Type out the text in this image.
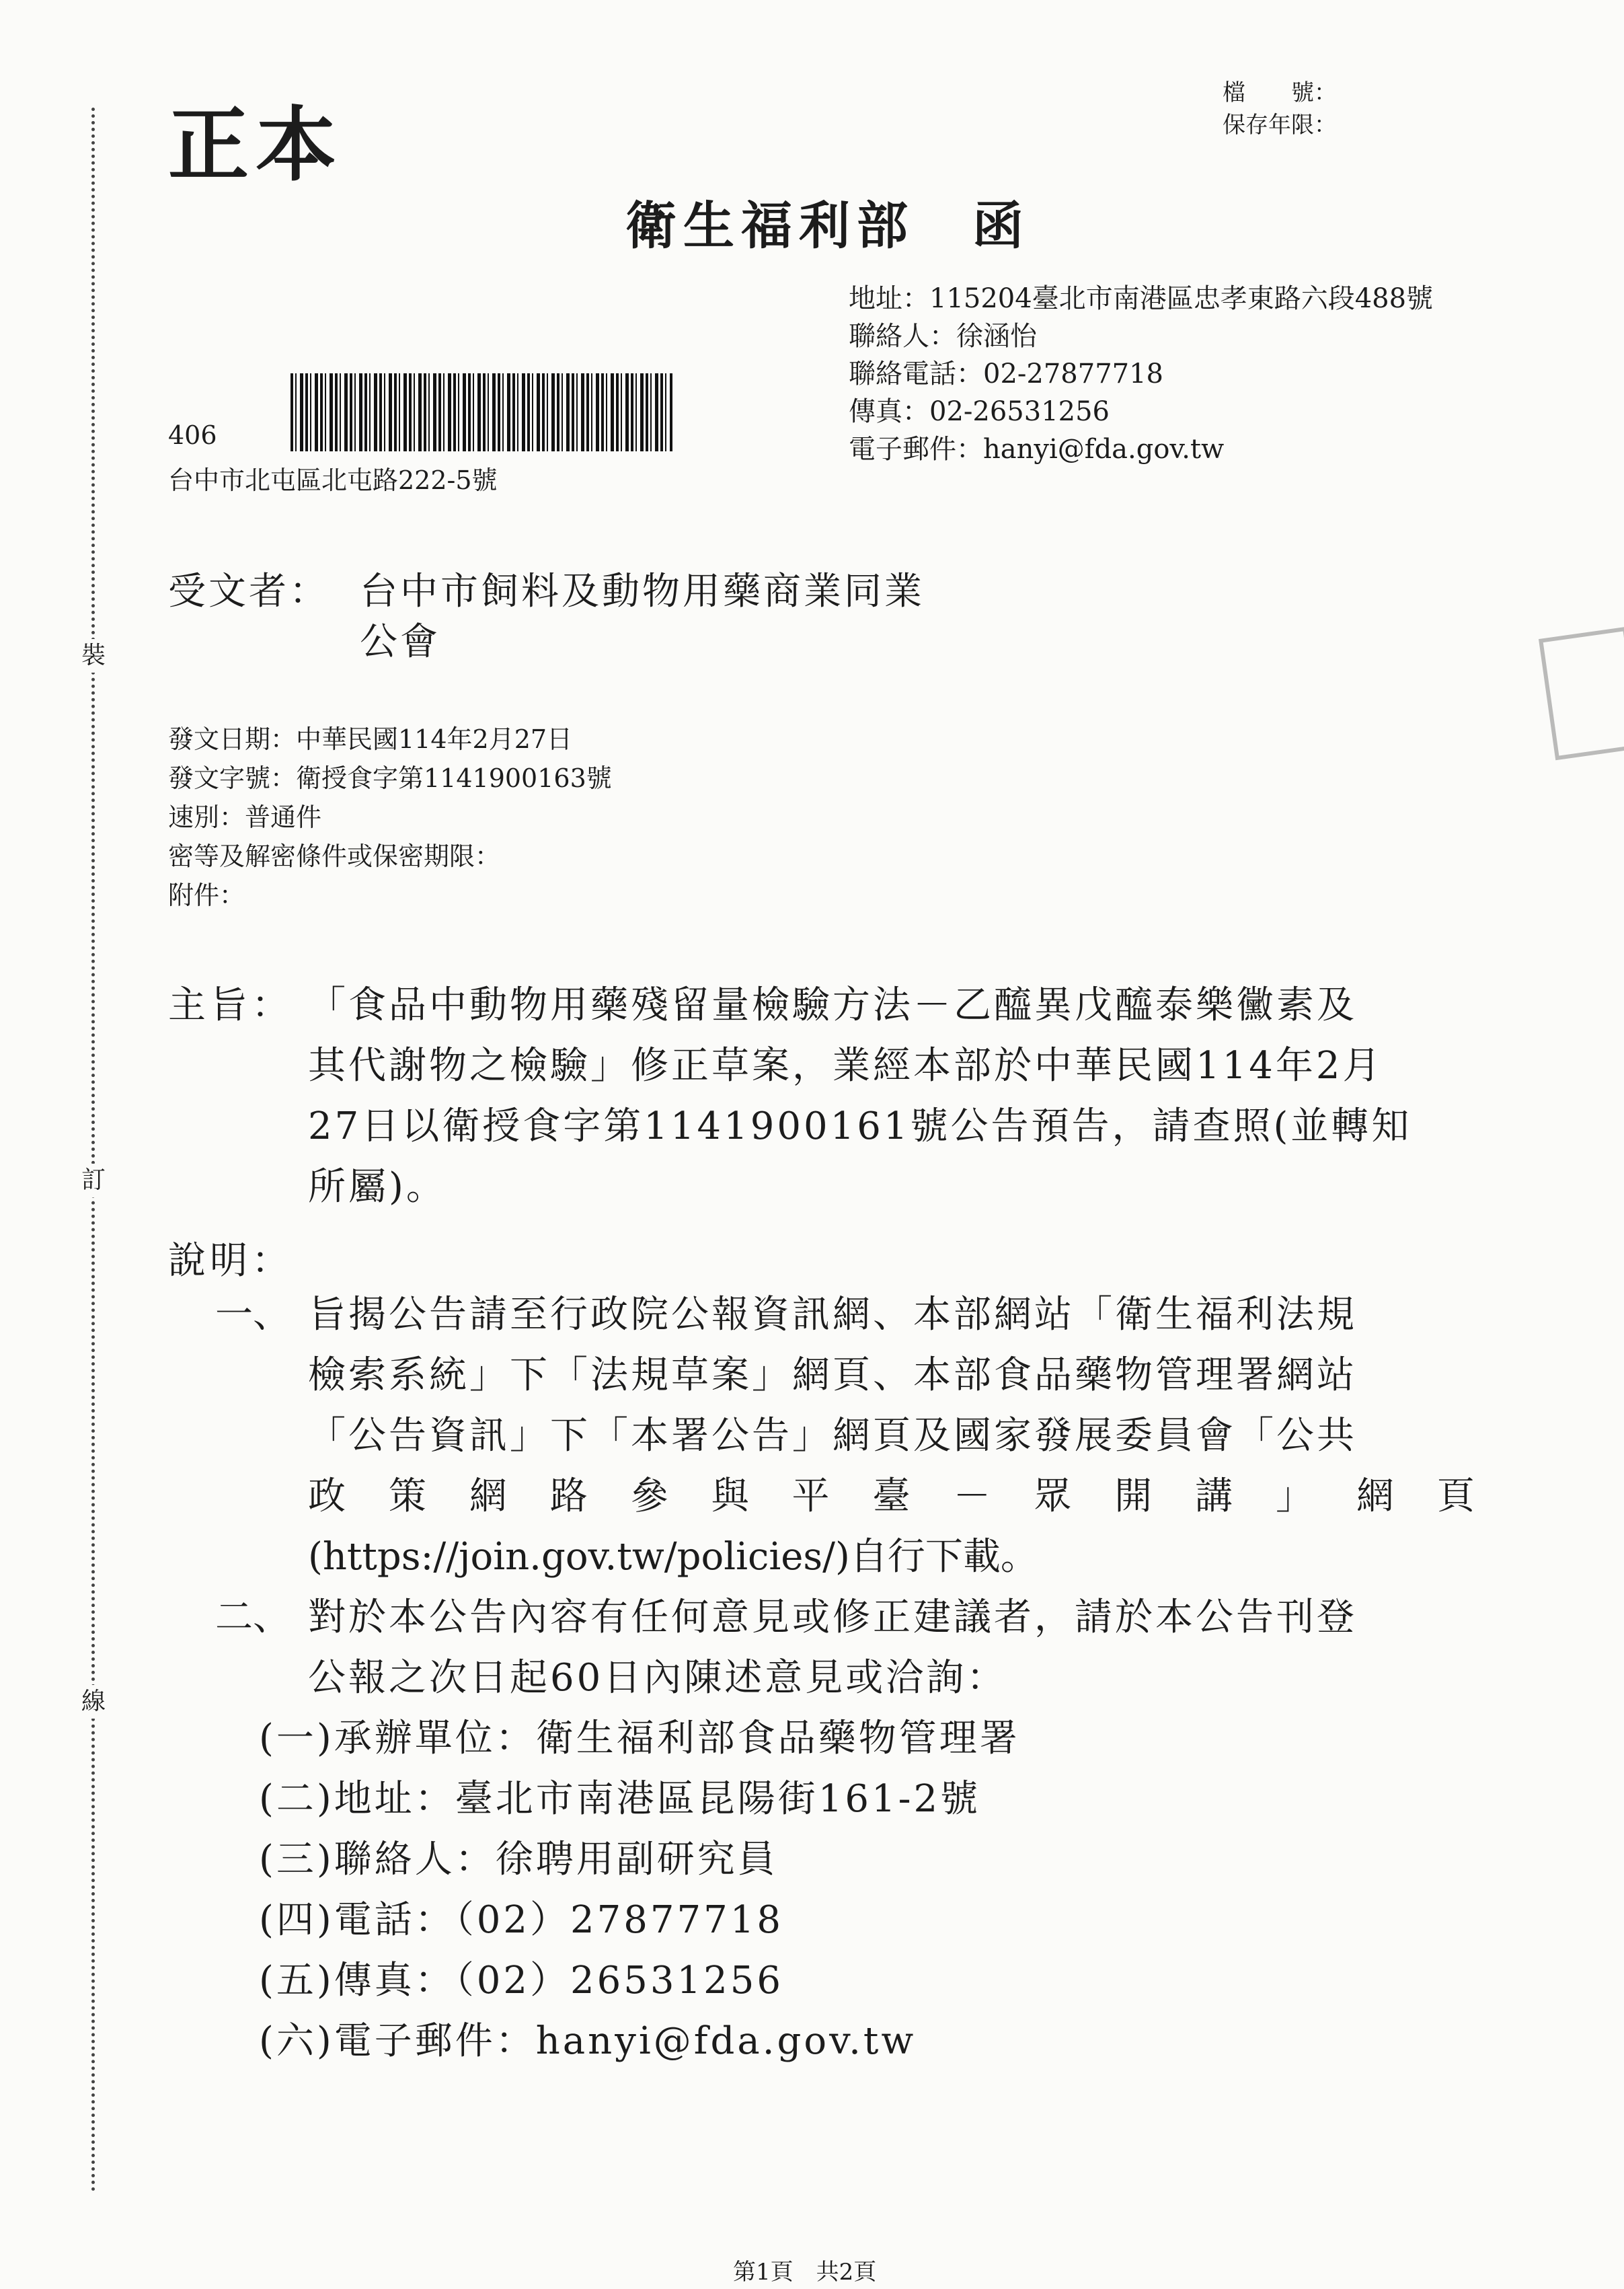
裝
訂
線
正本
檔　　號：
保存年限：
衛生福利部　函
地址：115204臺北市南港區忠孝東路六段488號
聯絡人：徐涵怡
聯絡電話：02-27877718
傳真：02-26531256
電子郵件：hanyi@fda.gov.tw
406
台中市北屯區北屯路222-5號
受文者： 台中市飼料及動物用藥商業同業
公會
發文日期：中華民國114年2月27日
發文字號：衛授食字第1141900163號
速別：普通件
密等及解密條件或保密期限：
附件：
主旨： 「食品中動物用藥殘留量檢驗方法－乙醯異戊醯泰樂黴素及
其代謝物之檢驗」修正草案，業經本部於中華民國114年2月
27日以衛授食字第1141900161號公告預告，請查照(並轉知
所屬)。
說明：
一、 旨揭公告請至行政院公報資訊網、本部網站「衛生福利法規
檢索系統」下「法規草案」網頁、本部食品藥物管理署網站
「公告資訊」下「本署公告」網頁及國家發展委員會「公共
政 策 網 路 參 與 平 臺 － 眾 開 講 」 網 頁
(https://join.gov.tw/policies/)自行下載。
二、 對於本公告內容有任何意見或修正建議者，請於本公告刊登
公報之次日起60日內陳述意見或洽詢：
(一)承辦單位：衛生福利部食品藥物管理署
(二)地址：臺北市南港區昆陽街161-2號
(三)聯絡人：徐聘用副研究員
(四)電話：（02）27877718
(五)傳真：（02）26531256
(六)電子郵件：hanyi@fda.gov.tw
第1頁　共2頁
